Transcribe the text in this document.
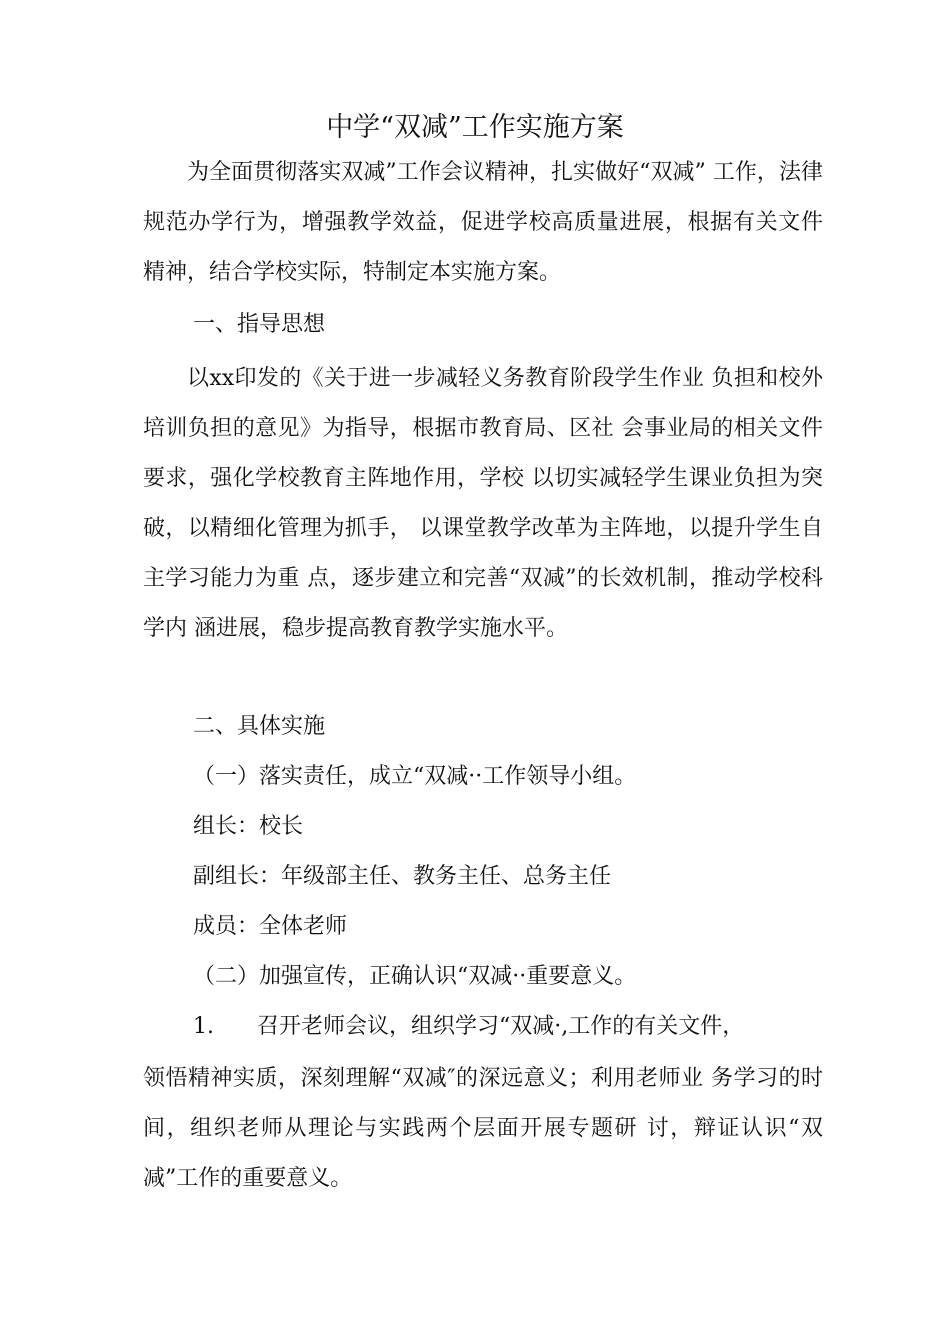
中学“双减”工作实施方案

为全面贯彻落实双减”工作会议精神，扎实做好“双减” 工作，法律规范办学行为，增强教学效益，促进学校高质量进展，根据有关文件精神，结合学校实际，特制定本实施方案。

一、指导思想

以xx印发的《关于进一步减轻义务教育阶段学生作业 负担和校外培训负担的意见》为指导，根据市教育局、区社 会事业局的相关文件要求，强化学校教育主阵地作用，学校 以切实减轻学生课业负担为突破，以精细化管理为抓手， 以课堂教学改革为主阵地，以提升学生自主学习能力为重 点，逐步建立和完善“双减”的长效机制，推动学校科学内 涵进展，稳步提高教育教学实施水平。

二、具体实施
（一）落实责任，成立“双减··工作领导小组。
组长：校长
副组长：年级部主任、教务主任、总务主任
成员：全体老师
（二）加强宣传，正确认识“双减··重要意义。
1. 召开老师会议，组织学习“双减·,工作的有关文件，

领悟精神实质，深刻理解“双减″的深远意义；利用老师业 务学习的时间，组织老师从理论与实践两个层面开展专题研 讨，辩证认识“双减”工作的重要意义。
